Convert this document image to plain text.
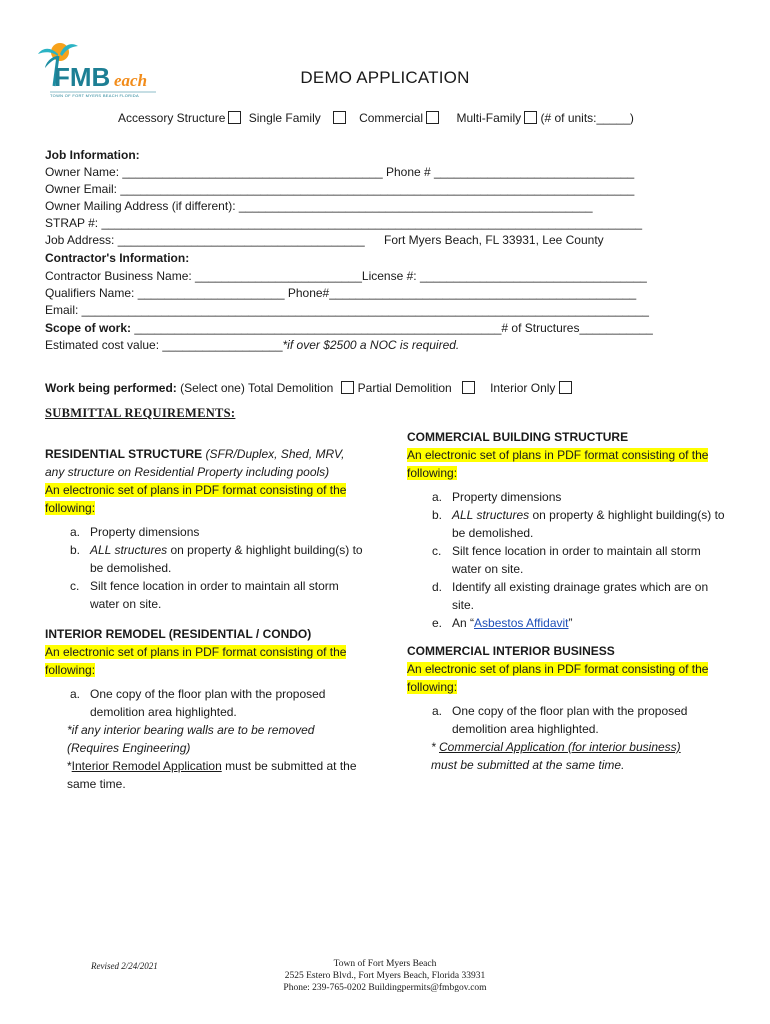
FMB each
TOWN OF FORT MYERS BEACH FLORIDA
DEMO APPLICATION
Accessory Structure Single Family	Commercial	Multi-Family (# of units:_____)
Job Information:
Owner Name: _______________________________________ Phone # ______________________________
Owner Email: _____________________________________________________________________________
Owner Mailing Address (if different): _____________________________________________________
STRAP #: _________________________________________________________________________________
Job Address: _____________________________________ Fort Myers Beach, FL 33931, Lee County
Contractor's Information:
Contractor Business Name: _________________________License #: __________________________________
Qualifiers Name: ______________________ Phone#______________________________________________
Email: _____________________________________________________________________________________
Scope of work: _______________________________________________________# of Structures___________
Estimated cost value: __________________*if over $2500 a NOC is required.
Work being performed: (Select one) Total Demolition Partial Demolition	Interior Only
SUBMITTAL REQUIREMENTS:
RESIDENTIAL STRUCTURE (SFR/Duplex, Shed, MRV, any structure on Residential Property including pools)
An electronic set of plans in PDF format consisting of the following:
a. Property dimensions
b. ALL structures on property & highlight building(s) to be demolished.
c. Silt fence location in order to maintain all storm water on site.
INTERIOR REMODEL (RESIDENTIAL / CONDO)
An electronic set of plans in PDF format consisting of the following:
a. One copy of the floor plan with the proposed demolition area highlighted.
*if any interior bearing walls are to be removed (Requires Engineering)
*Interior Remodel Application must be submitted at the same time.
COMMERCIAL BUILDING STRUCTURE
An electronic set of plans in PDF format consisting of the following:
a. Property dimensions
b. ALL structures on property & highlight building(s) to be demolished.
c. Silt fence location in order to maintain all storm water on site.
d. Identify all existing drainage grates which are on site.
e. An “Asbestos Affidavit”
COMMERCIAL INTERIOR BUSINESS
An electronic set of plans in PDF format consisting of the following:
a. One copy of the floor plan with the proposed demolition area highlighted.
* Commercial Application (for interior business)
must be submitted at the same time.
Revised 2/24/2021	Town of Fort Myers Beach
2525 Estero Blvd., Fort Myers Beach, Florida 33931
Phone: 239-765-0202 Buildingpermits@fmbgov.com
